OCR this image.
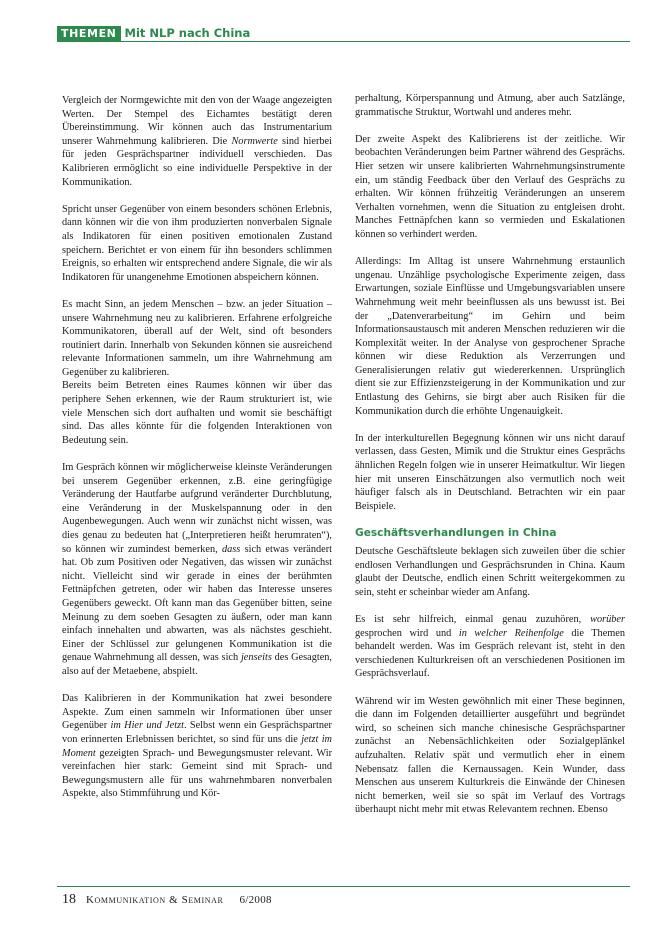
THEMEN Mit NLP nach China

Vergleich der Normgewichte mit den von der Waage angezeigten Werten. Der Stempel des Eichamtes bestätigt deren Übereinstimmung. Wir können auch das Instrumentarium unserer Wahrnehmung kalibrieren. Die Normwerte sind hierbei für jeden Gesprächspartner individuell verschieden. Das Kalibrieren ermöglicht so eine individuelle Perspektive in der Kommunikation.

Spricht unser Gegenüber von einem besonders schönen Erlebnis, dann können wir die von ihm produzierten nonverbalen Signale als Indikatoren für einen positiven emotionalen Zustand speichern. Berichtet er von einem für ihn besonders schlimmen Ereignis, so erhalten wir entsprechend andere Signale, die wir als Indikatoren für unangenehme Emotionen abspeichern können.

Es macht Sinn, an jedem Menschen – bzw. an jeder Situation – unsere Wahrnehmung neu zu kalibrieren. Erfahrene erfolgreiche Kommunikatoren, überall auf der Welt, sind oft besonders routiniert darin. Innerhalb von Sekunden können sie ausreichend relevante Informationen sammeln, um ihre Wahrnehmung am Gegenüber zu kalibrieren.

Bereits beim Betreten eines Raumes können wir über das periphere Sehen erkennen, wie der Raum strukturiert ist, wie viele Menschen sich dort aufhalten und womit sie beschäftigt sind. Das alles könnte für die folgenden Interaktionen von Bedeutung sein.

Im Gespräch können wir möglicherweise kleinste Veränderungen bei unserem Gegenüber erkennen, z.B. eine geringfügige Veränderung der Hautfarbe aufgrund veränderter Durchblutung, eine Veränderung in der Muskelspannung oder in den Augenbewegungen. Auch wenn wir zunächst nicht wissen, was dies genau zu bedeuten hat („Interpretieren heißt herumraten“), so können wir zumindest bemerken, dass sich etwas verändert hat. Ob zum Positiven oder Negativen, das wissen wir zunächst nicht. Vielleicht sind wir gerade in eines der berühmten Fettnäpfchen getreten, oder wir haben das Interesse unseres Gegenübers geweckt. Oft kann man das Gegenüber bitten, seine Meinung zu dem soeben Gesagten zu äußern, oder man kann einfach innehalten und abwarten, was als nächstes geschieht. Einer der Schlüssel zur gelungenen Kommunikation ist die genaue Wahrnehmung all dessen, was sich jenseits des Gesagten, also auf der Metaebene, abspielt.

Das Kalibrieren in der Kommunikation hat zwei besondere Aspekte. Zum einen sammeln wir Informationen über unser Gegenüber im Hier und Jetzt. Selbst wenn ein Gesprächspartner von erinnerten Erlebnissen berichtet, so sind für uns die jetzt im Moment gezeigten Sprach- und Bewegungsmuster relevant. Wir vereinfachen hier stark: Gemeint sind mit Sprach- und Bewegungsmustern alle für uns wahrnehmbaren nonverbalen Aspekte, also Stimmführung und Kör-

perhaltung, Körperspannung und Atmung, aber auch Satzlänge, grammatische Struktur, Wortwahl und anderes mehr.

Der zweite Aspekt des Kalibrierens ist der zeitliche. Wir beobachten Veränderungen beim Partner während des Gesprächs. Hier setzen wir unsere kalibrierten Wahrnehmungsinstrumente ein, um ständig Feedback über den Verlauf des Gesprächs zu erhalten. Wir können frühzeitig Veränderungen an unserem Verhalten vornehmen, wenn die Situation zu entgleisen droht. Manches Fettnäpfchen kann so vermieden und Eskalationen können so verhindert werden.

Allerdings: Im Alltag ist unsere Wahrnehmung erstaunlich ungenau. Unzählige psychologische Experimente zeigen, dass Erwartungen, soziale Einflüsse und Umgebungsvariablen unsere Wahrnehmung weit mehr beeinflussen als uns bewusst ist. Bei der „Datenverarbeitung“ im Gehirn und beim Informationsaustausch mit anderen Menschen reduzieren wir die Komplexität weiter. In der Analyse von gesprochener Sprache können wir diese Reduktion als Verzerrungen und Generalisierungen relativ gut wiedererkennen. Ursprünglich dient sie zur Effizienzsteigerung in der Kommunikation und zur Entlastung des Gehirns, sie birgt aber auch Risiken für die Kommunikation durch die erhöhte Ungenauigkeit.

In der interkulturellen Begegnung können wir uns nicht darauf verlassen, dass Gesten, Mimik und die Struktur eines Gesprächs ähnlichen Regeln folgen wie in unserer Heimatkultur. Wir liegen hier mit unseren Einschätzungen also vermutlich noch weit häufiger falsch als in Deutschland. Betrachten wir ein paar Beispiele.

Geschäftsverhandlungen in China

Deutsche Geschäftsleute beklagen sich zuweilen über die schier endlosen Verhandlungen und Gesprächsrunden in China. Kaum glaubt der Deutsche, endlich einen Schritt weitergekommen zu sein, steht er scheinbar wieder am Anfang.

Es ist sehr hilfreich, einmal genau zuzuhören, worüber gesprochen wird und in welcher Reihenfolge die Themen behandelt werden. Was im Gespräch relevant ist, steht in den verschiedenen Kulturkreisen oft an verschiedenen Positionen im Gesprächsverlauf.

Während wir im Westen gewöhnlich mit einer These beginnen, die dann im Folgenden detaillierter ausgeführt und begründet wird, so scheinen sich manche chinesische Gesprächspartner zunächst an Nebensächlichkeiten oder Sozialgeplänkel aufzuhalten. Relativ spät und vermutlich eher in einem Nebensatz fallen die Kernaussagen. Kein Wunder, dass Menschen aus unserem Kulturkreis die Einwände der Chinesen nicht bemerken, weil sie so spät im Verlauf des Vortrags überhaupt nicht mehr mit etwas Relevantem rechnen. Ebenso

18 Kommunikation & Seminar 6/2008
